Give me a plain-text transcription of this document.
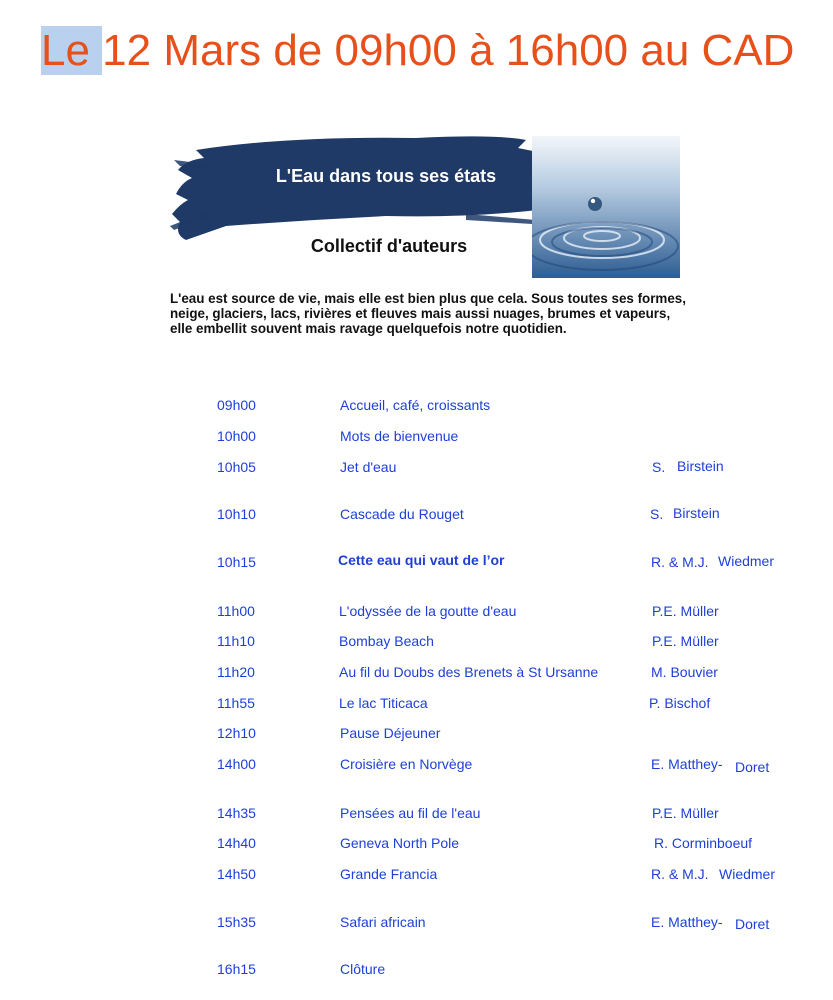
Le 12 Mars de 09h00 à 16h00 au CAD
L'Eau dans tous ses états
Collectif d'auteurs

L'eau est source de vie, mais elle est bien plus que cela. Sous toutes ses formes, neige, glaciers, lacs, rivières et fleuves mais aussi nuages, brumes et vapeurs, elle embellit souvent mais ravage quelquefois notre quotidien.

09h00	Accueil, café, croissants
10h00	Mots de bienvenue
10h05	Jet d'eau	S. Birstein
10h10	Cascade du Rouget	S. Birstein
10h15	Cette eau qui vaut de l’or	R. & M.J. Wiedmer
11h00	L'odyssée de la goutte d'eau	P.E. Müller
11h10	Bombay Beach	P.E. Müller
11h20	Au fil du Doubs des Brenets à St Ursanne	M. Bouvier
11h55	Le lac Titicaca	P. Bischof
12h10	Pause Déjeuner
14h00	Croisière en Norvège	E. Matthey- Doret
14h35	Pensées au fil de l'eau	P.E. Müller
14h40	Geneva North Pole	R. Corminboeuf
14h50	Grande Francia	R. & M.J. Wiedmer
15h35	Safari africain	E. Matthey- Doret
16h15	Clôture
